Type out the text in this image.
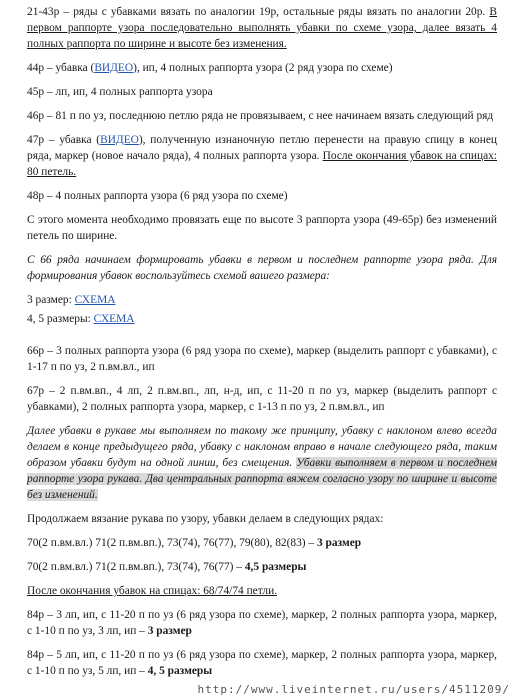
21-43р – ряды с убавками вязать по аналогии 19р, остальные ряды вязать по аналогии 20р. В первом раппорте узора последовательно выполнять убавки по схеме узора, далее вязать 4 полных раппорта по ширине и высоте без изменения.

44р – убавка (ВИДЕО), ип, 4 полных раппорта узора (2 ряд узора по схеме)

45р – лп, ип, 4 полных раппорта узора

46р – 81 п по уз, последнюю петлю ряда не провязываем, с нее начинаем вязать следующий ряд

47р – убавка (ВИДЕО), полученную изнаночную петлю перенести на правую спицу в конец ряда, маркер (новое начало ряда), 4 полных раппорта узора. После окончания убавок на спицах: 80 петель.

48р – 4 полных раппорта узора (6 ряд узора по схеме)

С этого момента необходимо провязать еще по высоте 3 раппорта узора (49-65р) без изменений петель по ширине.

С 66 ряда начинаем формировать убавки в первом и последнем раппорте узора ряда. Для формирования убавок воспользуйтесь схемой вашего размера:

3 размер: СХЕМА

4, 5 размеры: СХЕМА

66р – 3 полных раппорта узора (6 ряд узора по схеме), маркер (выделить раппорт с убавками), с 1-17 п по уз, 2 п.вм.вл., ип

67р – 2 п.вм.вп., 4 лп, 2 п.вм.вп., лп, н-д, ип, с 11-20 п по уз, маркер (выделить раппорт с убавками), 2 полных раппорта узора, маркер, с 1-13 п по уз, 2 п.вм.вл., ип

Далее убавки в рукаве мы выполняем по такому же принципу, убавку с наклоном влево всегда делаем в конце предыдущего ряда, убавку с наклоном вправо в начале следующего ряда, таким образом убавки будут на одной линии, без смещения. Убавки выполняем в первом и последнем раппорте узора рукава. Два центральных раппорта вяжем согласно узору по ширине и высоте без изменений.

Продолжаем вязание рукава по узору, убавки делаем в следующих рядах:

70(2 п.вм.вл.) 71(2 п.вм.вп.), 73(74), 76(77), 79(80), 82(83) – 3 размер

70(2 п.вм.вл.) 71(2 п.вм.вп.), 73(74), 76(77) – 4,5 размеры

После окончания убавок на спицах: 68/74/74 петли.

84р – 3 лп, ип, с 11-20 п по уз (6 ряд узора по схеме), маркер, 2 полных раппорта узора, маркер, с 1-10 п по уз, 3 лп, ип – 3 размер

84р – 5 лп, ип, с 11-20 п по уз (6 ряд узора по схеме), маркер, 2 полных раппорта узора, маркер, с 1-10 п по уз, 5 лп, ип – 4, 5 размеры

http://www.liveinternet.ru/users/4511209/
